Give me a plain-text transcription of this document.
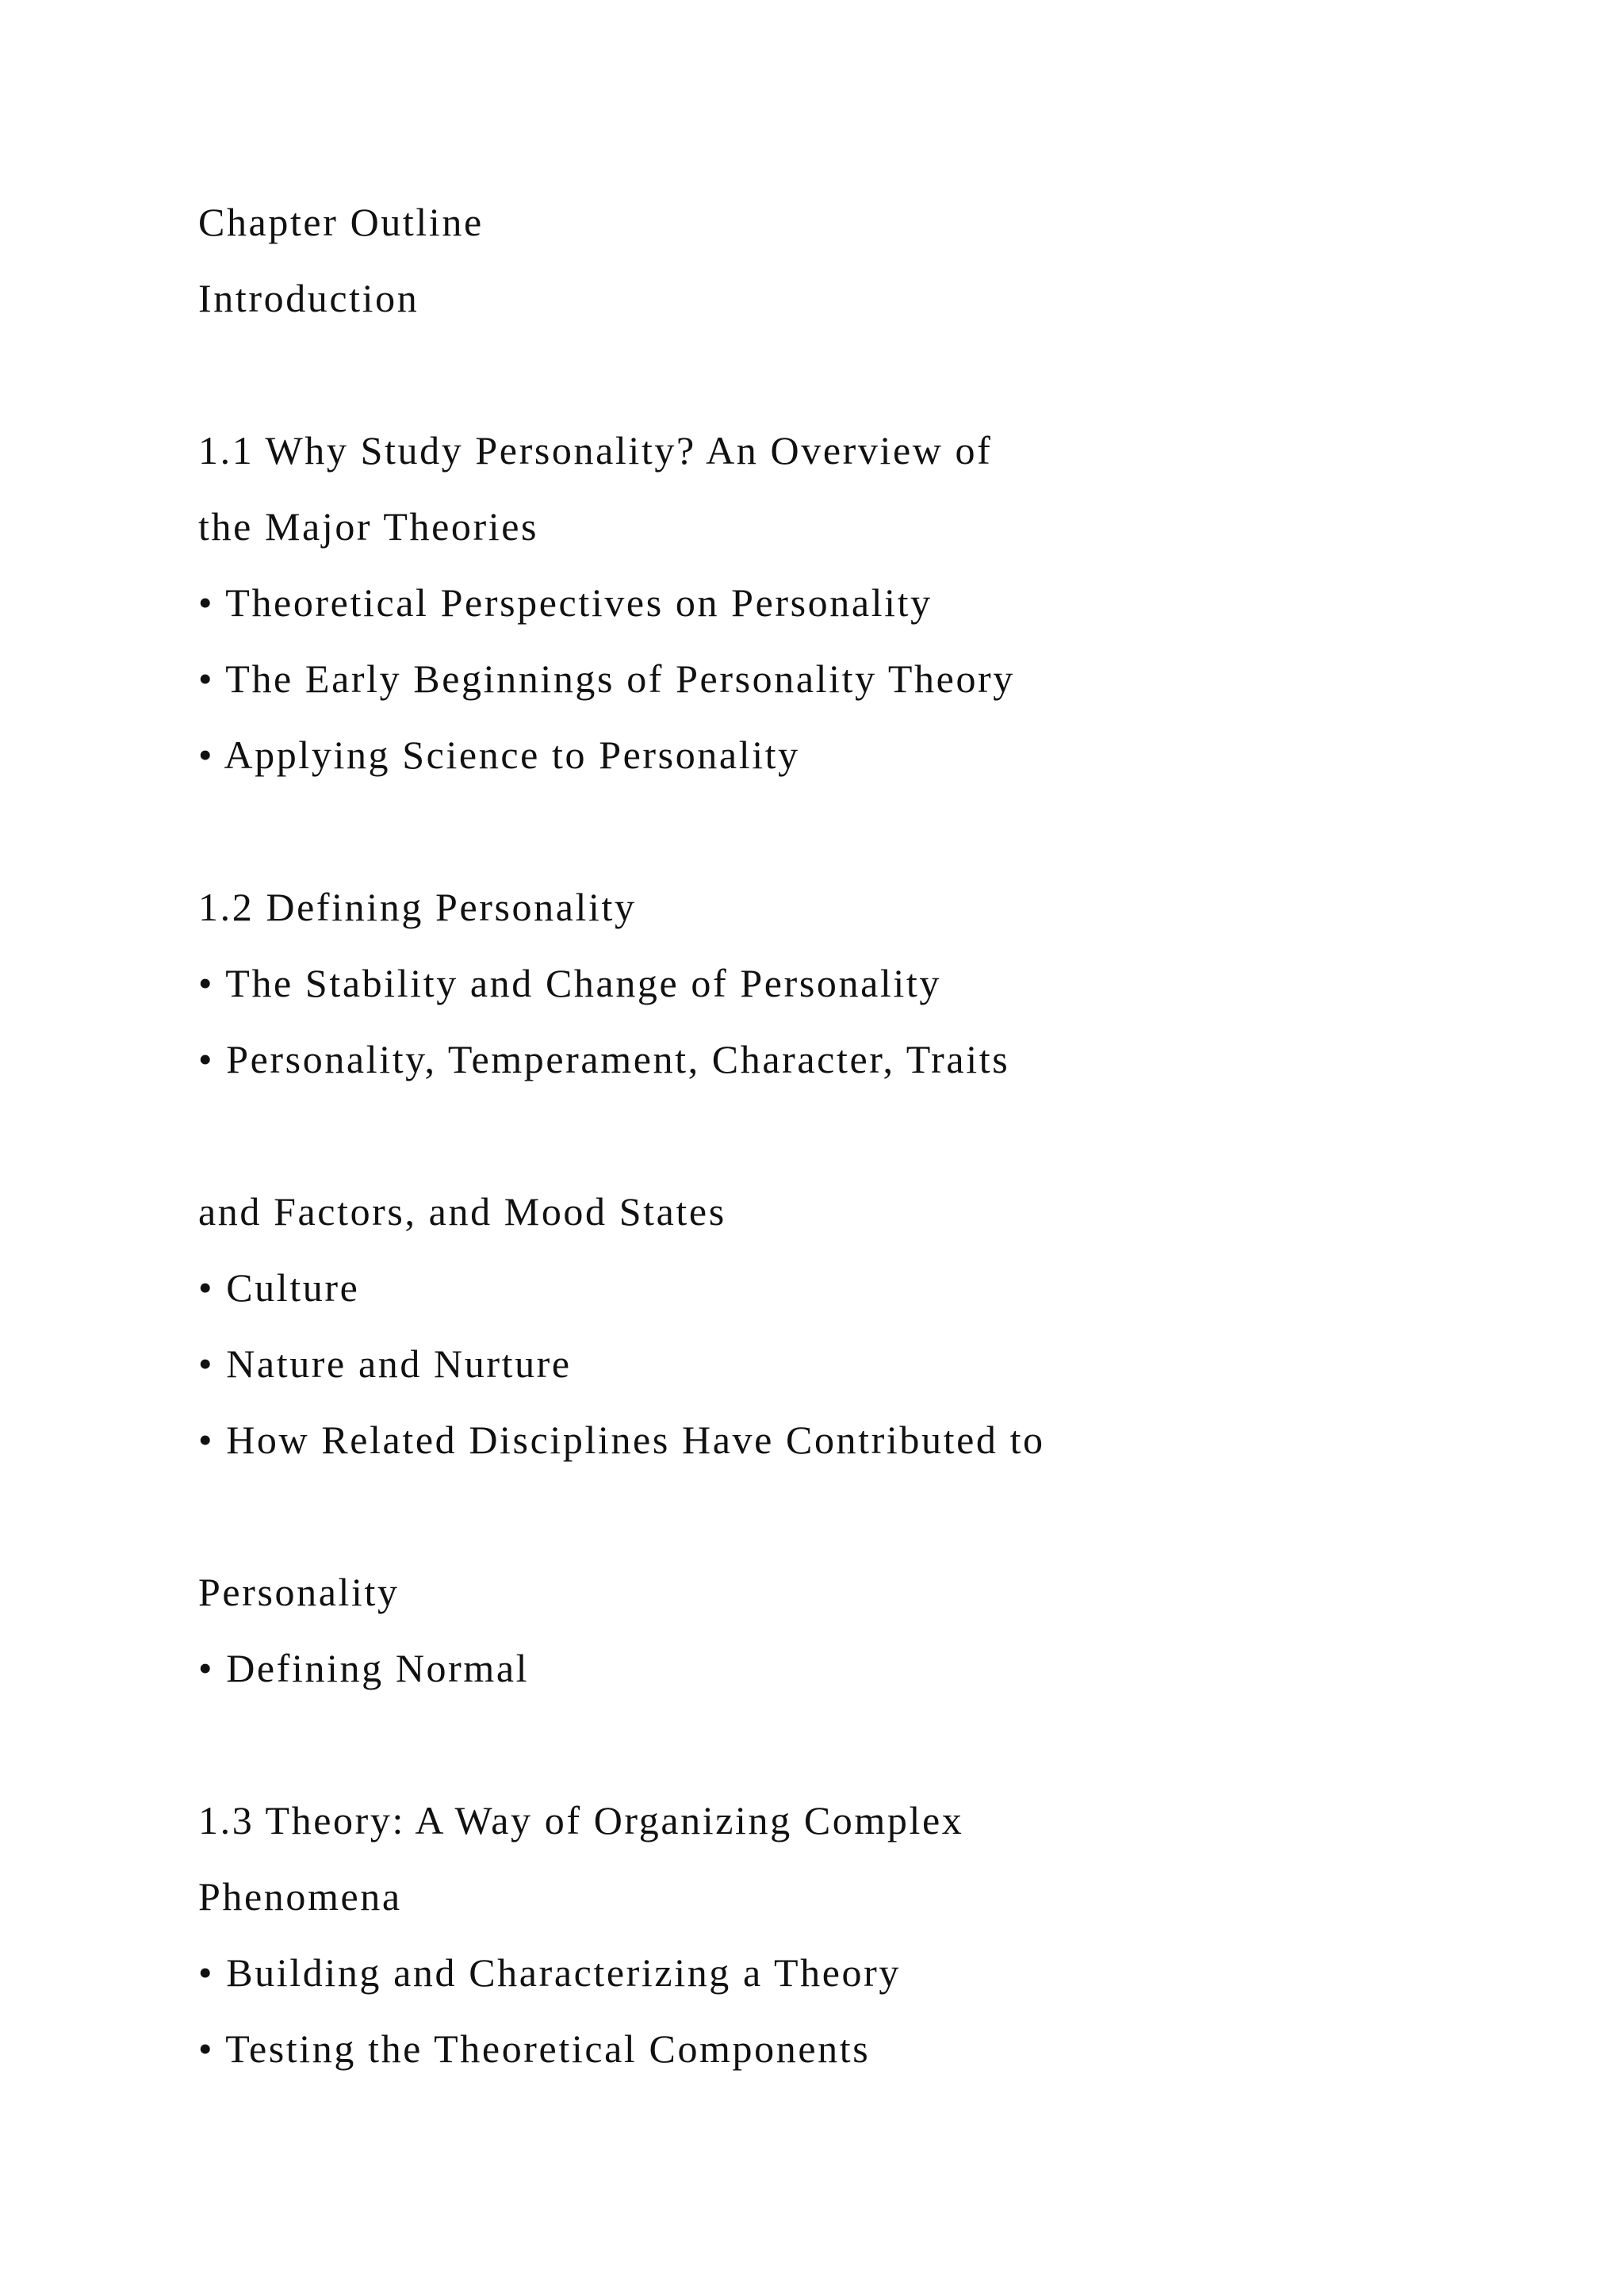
Chapter Outline

Introduction

1.1 Why Study Personality? An Overview of

the Major Theories

• Theoretical Perspectives on Personality

• The Early Beginnings of Personality Theory

• Applying Science to Personality

1.2 Defining Personality

• The Stability and Change of Personality

• Personality, Temperament, Character, Traits

and Factors, and Mood States

• Culture

• Nature and Nurture

• How Related Disciplines Have Contributed to

Personality

• Defining Normal

1.3 Theory: A Way of Organizing Complex

Phenomena

• Building and Characterizing a Theory

• Testing the Theoretical Components
